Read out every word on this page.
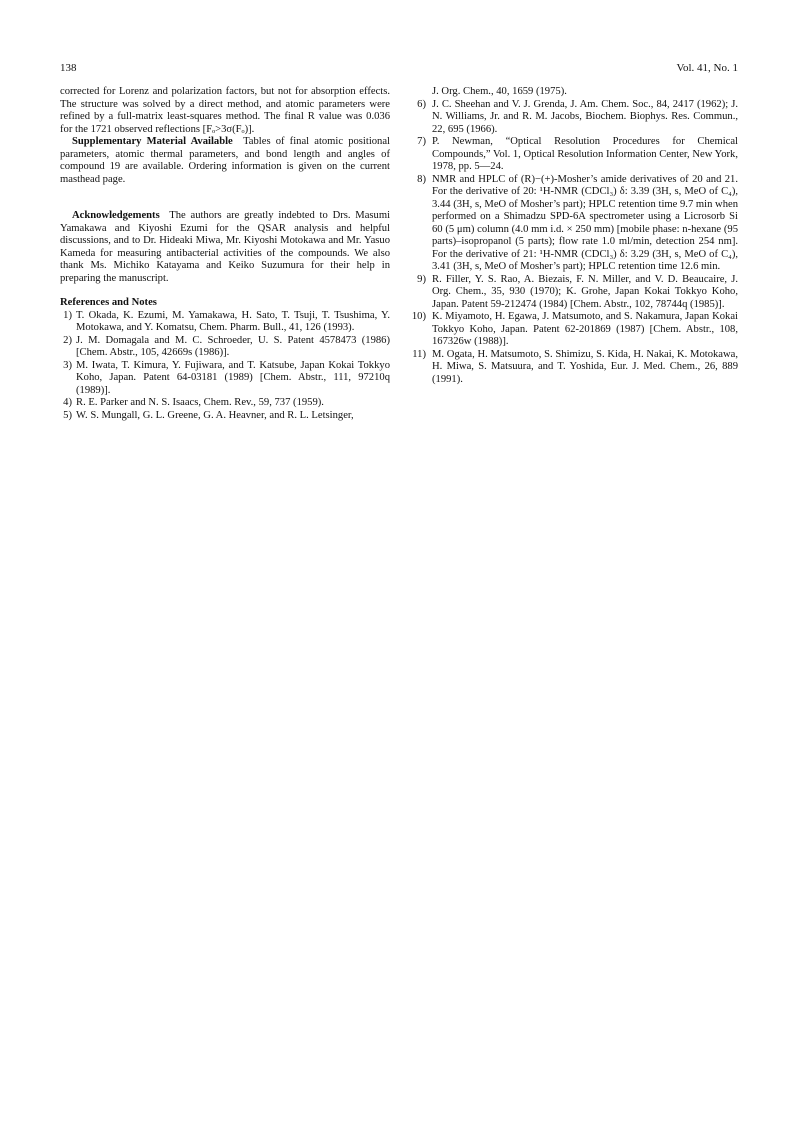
138	Vol. 41, No. 1

corrected for Lorenz and polarization factors, but not for absorption effects. The structure was solved by a direct method, and atomic parameters were refined by a full-matrix least-squares method. The final R value was 0.036 for the 1721 observed reflections [Fₒ>3σ(Fₒ)].

Supplementary Material Available Tables of final atomic positional parameters, atomic thermal parameters, and bond length and angles of compound 19 are available. Ordering information is given on the current masthead page.

Acknowledgements The authors are greatly indebted to Drs. Masumi Yamakawa and Kiyoshi Ezumi for the QSAR analysis and helpful discussions, and to Dr. Hideaki Miwa, Mr. Kiyoshi Motokawa and Mr. Yasuo Kameda for measuring antibacterial activities of the compounds. We also thank Ms. Michiko Katayama and Keiko Suzumura for their help in preparing the manuscript.

References and Notes
1) T. Okada, K. Ezumi, M. Yamakawa, H. Sato, T. Tsuji, T. Tsushima, Y. Motokawa, and Y. Komatsu, Chem. Pharm. Bull., 41, 126 (1993).
2) J. M. Domagala and M. C. Schroeder, U. S. Patent 4578473 (1986) [Chem. Abstr., 105, 42669s (1986)].
3) M. Iwata, T. Kimura, Y. Fujiwara, and T. Katsube, Japan Kokai Tokkyo Koho, Japan. Patent 64-03181 (1989) [Chem. Abstr., 111, 97210q (1989)].
4) R. E. Parker and N. S. Isaacs, Chem. Rev., 59, 737 (1959).
5) W. S. Mungall, G. L. Greene, G. A. Heavner, and R. L. Letsinger,
J. Org. Chem., 40, 1659 (1975).
6) J. C. Sheehan and V. J. Grenda, J. Am. Chem. Soc., 84, 2417 (1962); J. N. Williams, Jr. and R. M. Jacobs, Biochem. Biophys. Res. Commun., 22, 695 (1966).
7) P. Newman, “Optical Resolution Procedures for Chemical Compounds,” Vol. 1, Optical Resolution Information Center, New York, 1978, pp. 5—24.
8) NMR and HPLC of (R)−(+)-Mosher’s amide derivatives of 20 and 21. For the derivative of 20: ¹H-NMR (CDCl₃) δ: 3.39 (3H, s, MeO of C₄), 3.44 (3H, s, MeO of Mosher’s part); HPLC retention time 9.7 min when performed on a Shimadzu SPD-6A spectrometer using a Licrosorb Si 60 (5 μm) column (4.0 mm i.d. × 250 mm) [mobile phase: n-hexane (95 parts)–isopropanol (5 parts); flow rate 1.0 ml/min, detection 254 nm]. For the derivative of 21: ¹H-NMR (CDCl₃) δ: 3.29 (3H, s, MeO of C₄), 3.41 (3H, s, MeO of Mosher’s part); HPLC retention time 12.6 min.
9) R. Filler, Y. S. Rao, A. Biezais, F. N. Miller, and V. D. Beaucaire, J. Org. Chem., 35, 930 (1970); K. Grohe, Japan Kokai Tokkyo Koho, Japan. Patent 59-212474 (1984) [Chem. Abstr., 102, 78744q (1985)].
10) K. Miyamoto, H. Egawa, J. Matsumoto, and S. Nakamura, Japan Kokai Tokkyo Koho, Japan. Patent 62-201869 (1987) [Chem. Abstr., 108, 167326w (1988)].
11) M. Ogata, H. Matsumoto, S. Shimizu, S. Kida, H. Nakai, K. Motokawa, H. Miwa, S. Matsuura, and T. Yoshida, Eur. J. Med. Chem., 26, 889 (1991).
